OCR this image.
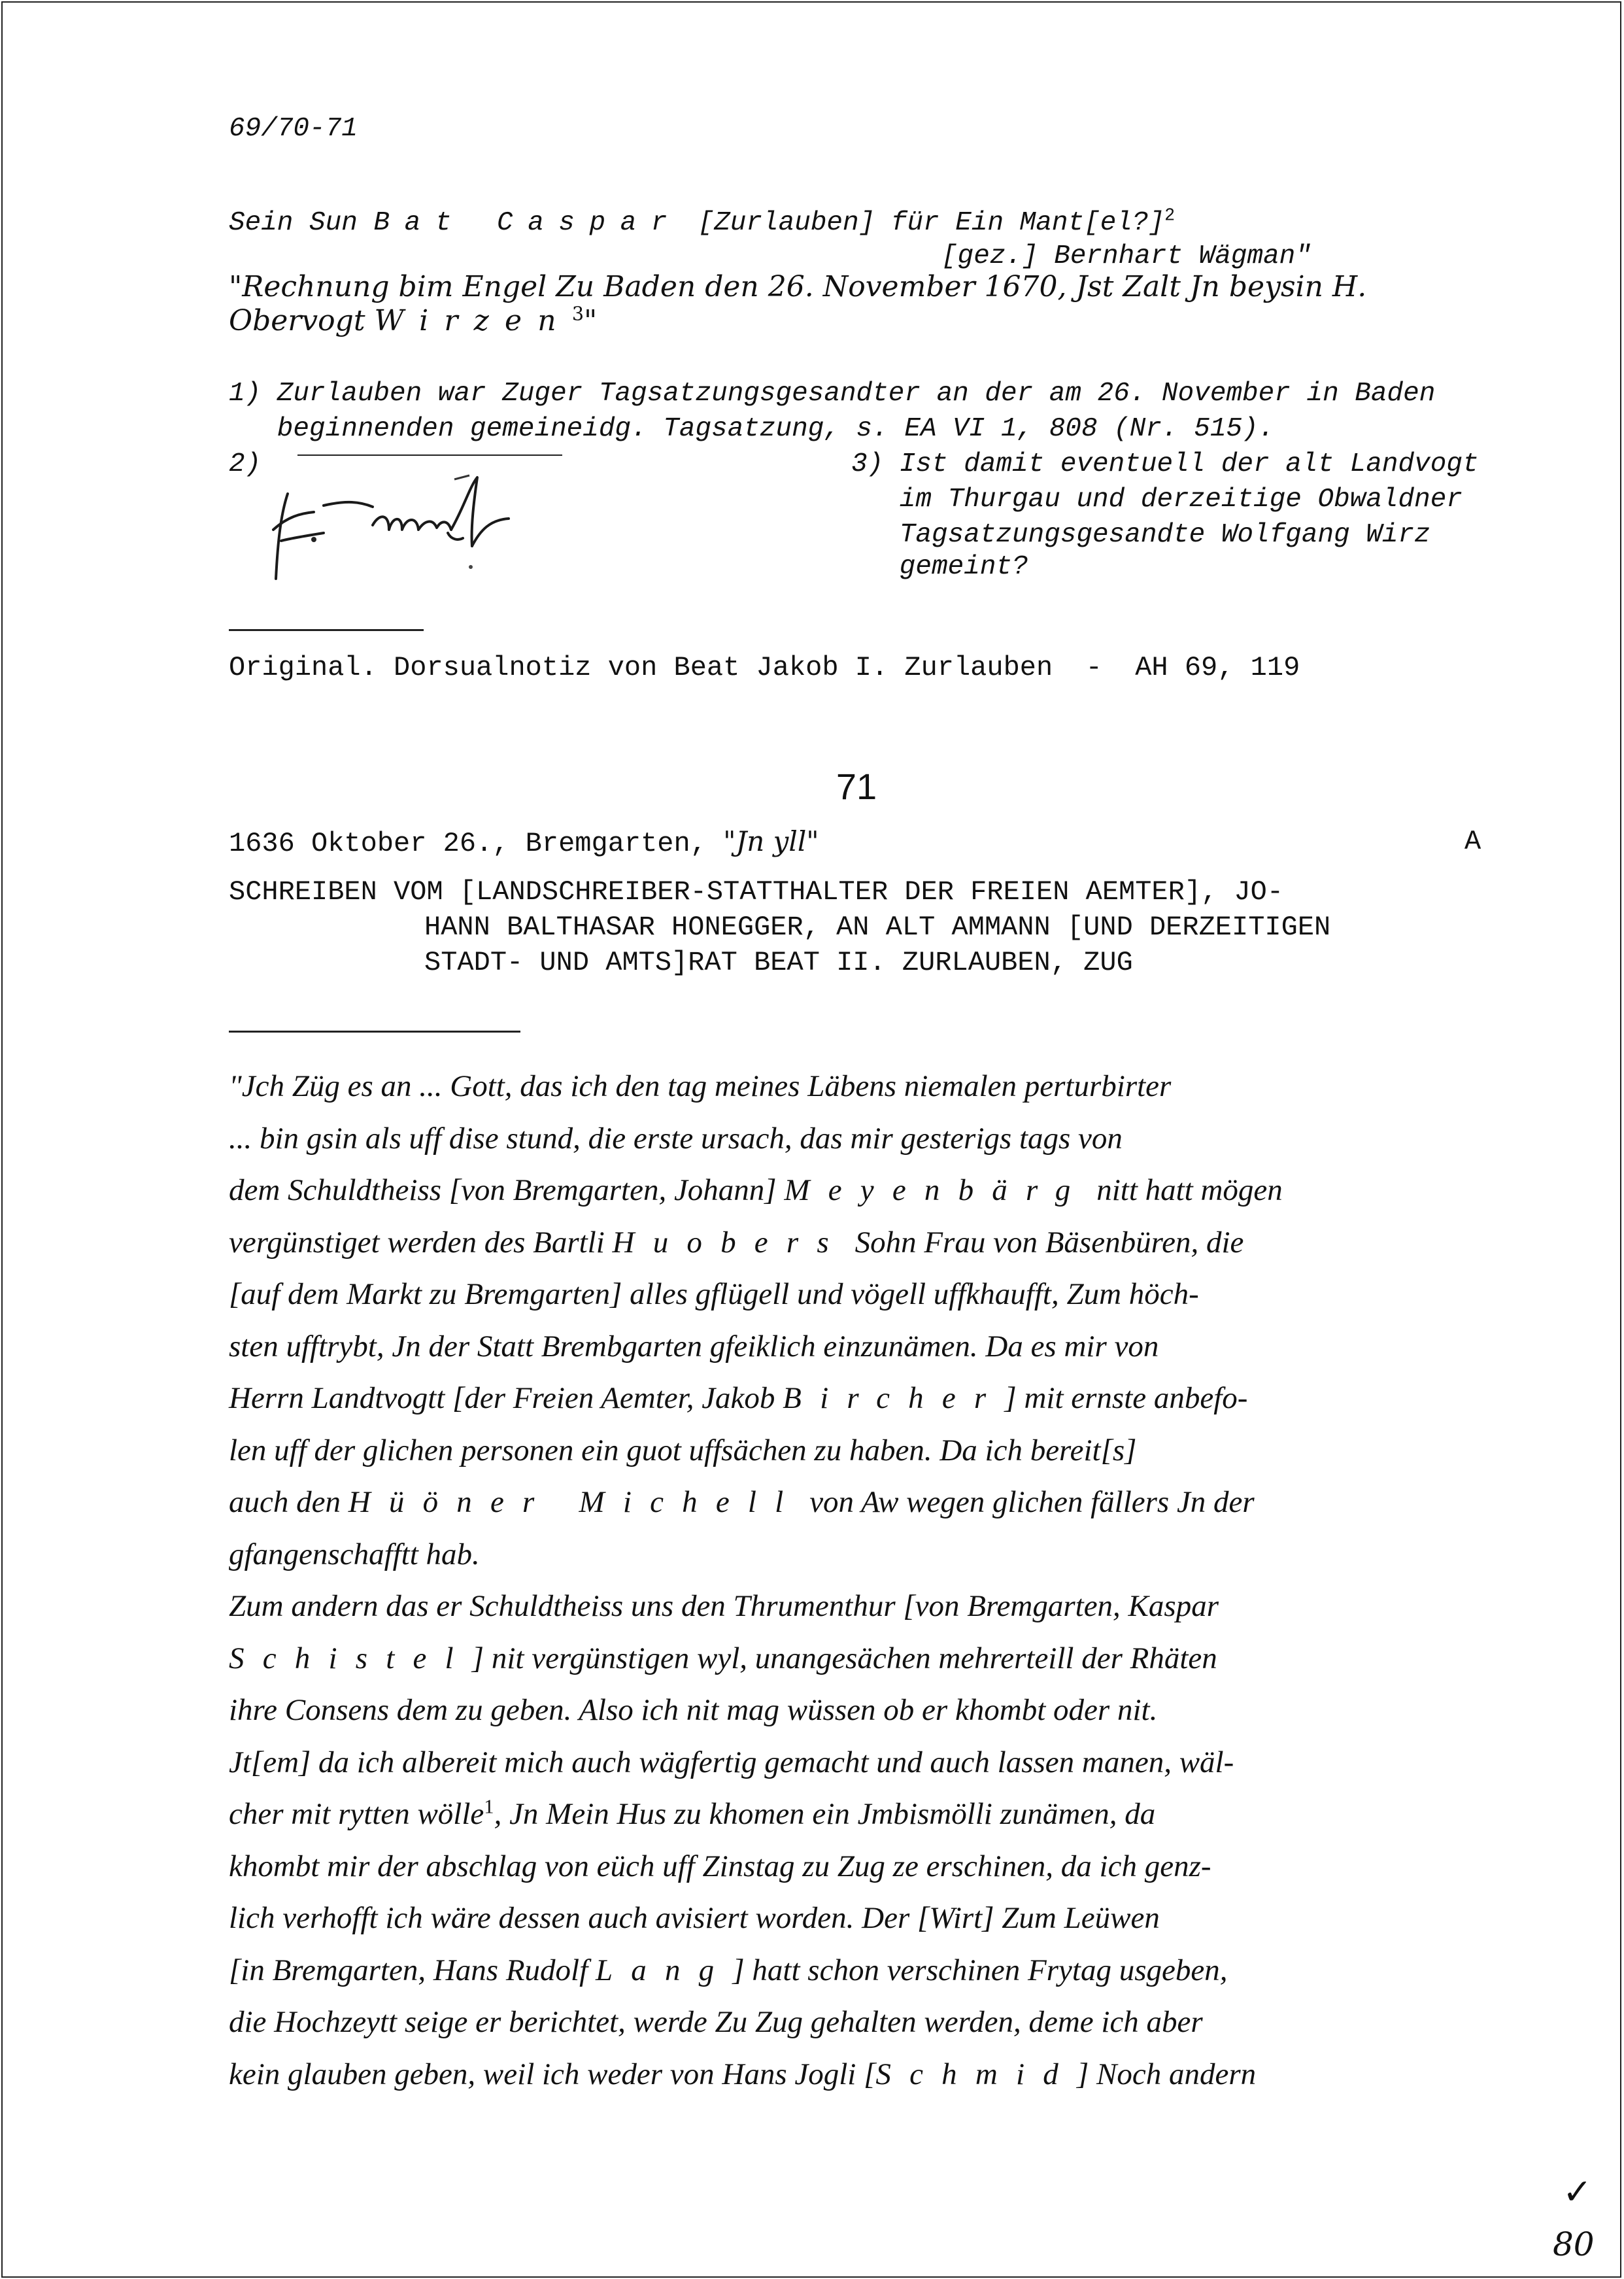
69/70-71
Sein Sun Bat Caspar [Zurlauben] für Ein Mant[el?]$^2$
[gez.] Bernhart Wägman"
"Rechnung bim Engel Zu Baden den 26. November 1670, Jst Zalt Jn beysin H.
Obervogt Wirzen$^3$"
1) Zurlauben war Zuger Tagsatzungsgesandter an der am 26. November in Baden
beginnenden gemeineidg. Tagsatzung, s. EA VI 1, 808 (Nr. 515).
2)	3) Ist damit eventuell der alt Landvogt
im Thurgau und derzeitige Obwaldner
Tagsatzungsgesandte Wolfgang Wirz
gemeint?
Original. Dorsualnotiz von Beat Jakob I. Zurlauben  -  AH 69, 119
71
1636 Oktober 26., Bremgarten, "Jn yll"	A
SCHREIBEN VOM [LANDSCHREIBER-STATTHALTER DER FREIEN AEMTER], JO-
HANN BALTHASAR HONEGGER, AN ALT AMMANN [UND DERZEITIGEN
STADT- UND AMTS]RAT BEAT II. ZURLAUBEN, ZUG
"Jch Züg es an ... Gott, das ich den tag meines Läbens niemalen perturbirter
... bin gsin als uff dise stund, die erste ursach, das mir gesterigs tags von
dem Schuldtheiss [von Bremgarten, Johann] Meyenbärg nitt hatt mögen
vergünstiget werden des Bartli Huobers Sohn Frau von Bäsenbüren, die
[auf dem Markt zu Bremgarten] alles gflügell und vögell uffkhaufft, Zum höch-
sten ufftrybt, Jn der Statt Brembgarten gfeiklich einzunämen. Da es mir von
Herrn Landtvogtt [der Freien Aemter, Jakob Bircher] mit ernste anbefo-
len uff der glichen personen ein guot uffsächen zu haben. Da ich bereit[s]
auch den Hüöner Michell von Aw wegen glichen fällers Jn der
gfangenschafftt hab.
Zum andern das er Schuldtheiss uns den Thrumenthur [von Bremgarten, Kaspar
Schistel] nit vergünstigen wyl, unangesächen mehrerteill der Rhäten
ihre Consens dem zu geben. Also ich nit mag wüssen ob er khombt oder nit.
Jt[em] da ich albereit mich auch wägfertig gemacht und auch lassen manen, wäl-
cher mit rytten wölle$^1$, Jn Mein Hus zu khomen ein Jmbismölli zunämen, da
khombt mir der abschlag von eüch uff Zinstag zu Zug ze erschinen, da ich genz-
lich verhofft ich wäre dessen auch avisiert worden. Der [Wirt] Zum Leüwen
[in Bremgarten, Hans Rudolf Lang] hatt schon verschinen Frytag usgeben,
die Hochzeytt seige er berichtet, werde Zu Zug gehalten werden, deme ich aber
kein glauben geben, weil ich weder von Hans Jogli [Schmid] Noch andern
✓
80
